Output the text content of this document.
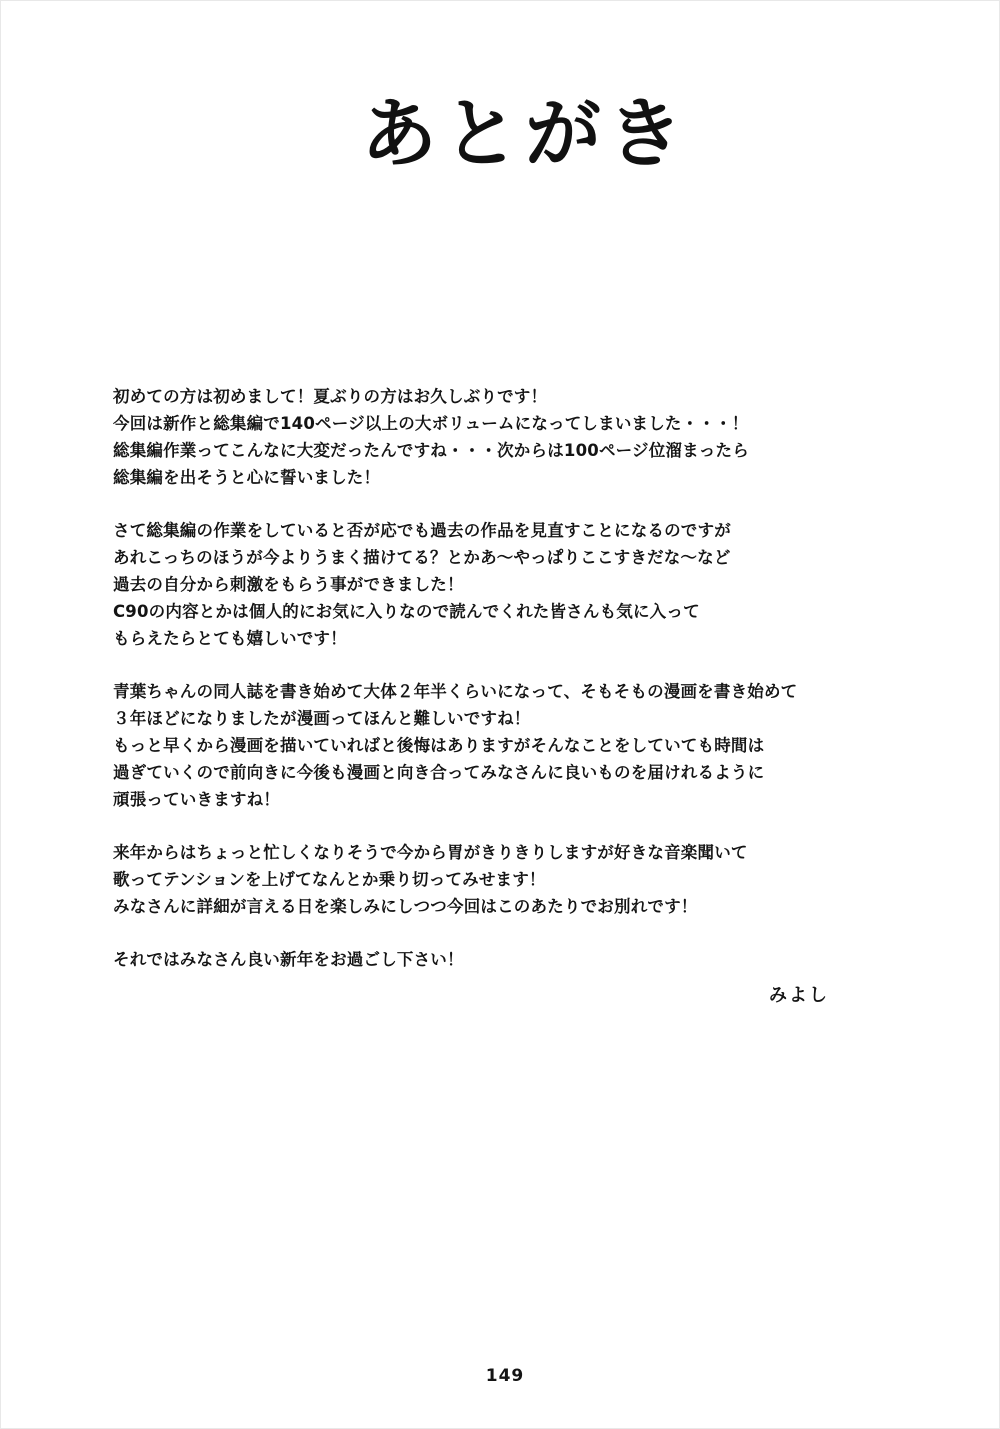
あとがき
初めての方は初めまして！夏ぶりの方はお久しぶりです！
今回は新作と総集編で140ページ以上の大ボリュームになってしまいました・・・！
総集編作業ってこんなに大変だったんですね・・・次からは100ページ位溜まったら
総集編を出そうと心に誓いました！
さて総集編の作業をしていると否が応でも過去の作品を見直すことになるのですが
あれこっちのほうが今よりうまく描けてる？とかあ〜やっぱりここすきだな〜など
過去の自分から刺激をもらう事ができました！
C90の内容とかは個人的にお気に入りなので読んでくれた皆さんも気に入って
もらえたらとても嬉しいです！
青葉ちゃんの同人誌を書き始めて大体２年半くらいになって、そもそもの漫画を書き始めて
３年ほどになりましたが漫画ってほんと難しいですね！
もっと早くから漫画を描いていればと後悔はありますがそんなことをしていても時間は
過ぎていくので前向きに今後も漫画と向き合ってみなさんに良いものを届けれるように
頑張っていきますね！
来年からはちょっと忙しくなりそうで今から胃がきりきりしますが好きな音楽聞いて
歌ってテンションを上げてなんとか乗り切ってみせます！
みなさんに詳細が言える日を楽しみにしつつ今回はこのあたりでお別れです！
それではみなさん良い新年をお過ごし下さい！
みよし
149
